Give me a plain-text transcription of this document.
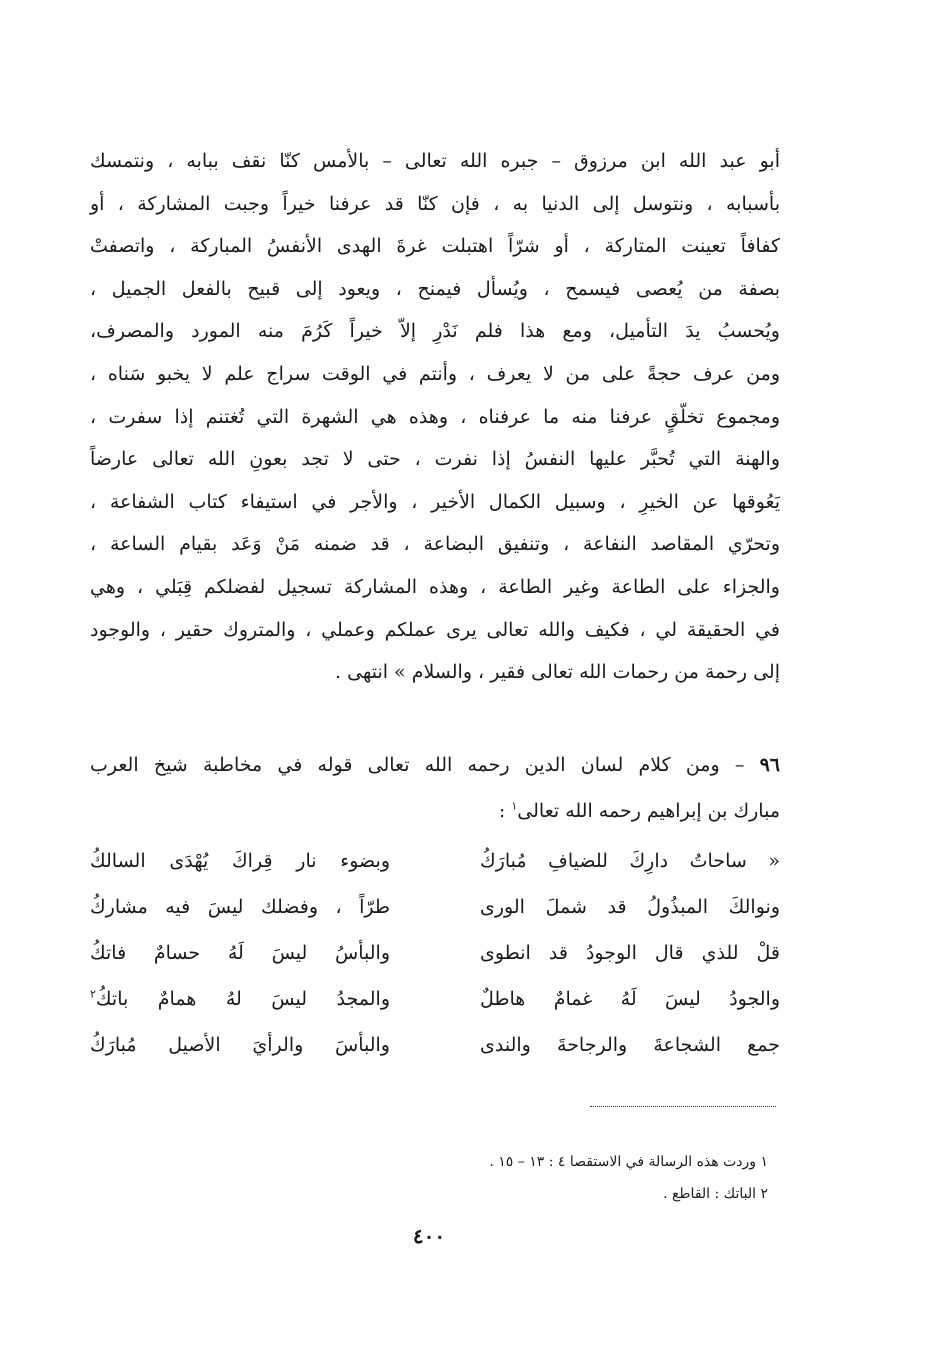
أبو عبد الله ابن مرزوق – جبره الله تعالى – بالأمس كنّا نقف ببابه ، ونتمسك
بأسبابه ، ونتوسل إلى الدنيا به ، فإن كنّا قد عرفنا خيراً وجبت المشاركة ، أو
كفافاً تعينت المتاركة ، أو شرّاً اهتبلت غرةَ الهدى الأنفسُ المباركة ، واتصفتْ
بصفة من يُعصى فيسمح ، ويُسأل فيمنح ، ويعود إلى قبيح بالفعل الجميل ،
ويُحسبُ يدَ التأميل، ومع هذا فلم نَدْرِ إلاّ خيراً كَرُمَ منه المورد والمصرف،
ومن عرف حجةً على من لا يعرف ، وأنتم في الوقت سراج علم لا يخبو سَناه ،
ومجموع تخلّقٍ عرفنا منه ما عرفناه ، وهذه هي الشهرة التي تُغتنم إذا سفرت ،
والهنة التي تُحبَّر عليها النفسُ إذا نفرت ، حتى لا تجد بعونِ الله تعالى عارضاً
يَعُوقها عن الخيرِ ، وسبيل الكمال الأخير ، والأجر في استيفاء كتاب الشفاعة ،
وتحرّي المقاصد النفاعة ، وتنفيق البضاعة ، قد ضمنه مَنْ وَعَد بقيام الساعة ،
والجزاء على الطاعة وغير الطاعة ، وهذه المشاركة تسجيل لفضلكم قِبَلي ، وهي
في الحقيقة لي ، فكيف والله تعالى يرى عملكم وعملي ، والمتروك حقير ، والوجود
إلى رحمة من رحمات الله تعالى فقير ، والسلام » انتهى .
٩٦ – ومن كلام لسان الدين رحمه الله تعالى قوله في مخاطبة شيخ العرب
مبارك بن إبراهيم رحمه الله تعالى$^١$ :
« ساحاتُ دارِكَ للضيافِ مُبارَكُ
وبضوء نار قِراكَ يُهْدَى السالكُ
ونوالكَ المبذُولُ قد شملَ الورى
طرّاً ، وفضلك ليسَ فيه مشاركُ
قلْ للذي قال الوجودُ قد انطوى
والبأسُ ليسَ لَهُ حسامٌ فاتكُ
والجودُ ليسَ لَهُ غمامٌ هاطلٌ
والمجدُ ليسَ لهُ همامٌ باتكُ$^٢$
جمع الشجاعةَ والرجاحةَ والندى
والبأسَ والرأيَ الأصيل مُبارَكُ
١ وردت هذه الرسالة في الاستقصا ٤ : ١٣ – ١٥ .
٢ الباتك : القاطع .
٤٠٠
